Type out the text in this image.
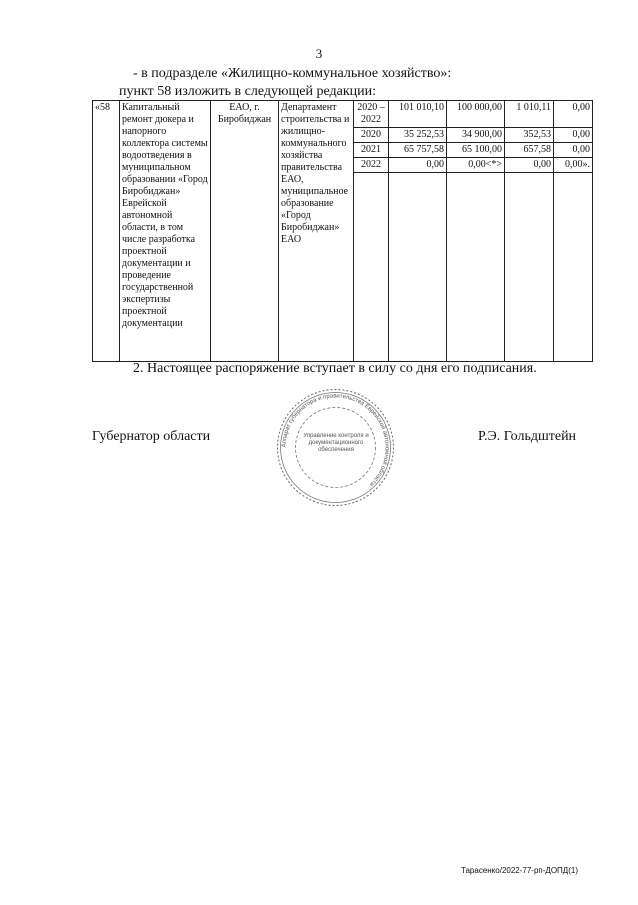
3
- в подразделе «Жилищно-коммунальное хозяйство»:
пункт 58 изложить в следующей редакции:
«58	Капитальный ремонт дюкера и напорного коллектора системы водоотведения в муниципальном образовании «Город Биробиджан» Еврейской автономной области, в том числе разработка проектной документации и проведение государственной экспертизы проектной документации	ЕАО, г. Биробиджан	Департамент строительства и жилищно-коммунального хозяйства правительства ЕАО, муниципальное образование «Город Биробиджан» ЕАО	2020 – 2022	101 010,10	100 000,00	1 010,11	0,00
				2020	35 252,53	34 900,00	352,53	0,00
				2021	65 757,58	65 100,00	657,58	0,00
				2022	0,00	0,00<*>	0,00	0,00».

2. Настоящее распоряжение вступает в силу со дня его подписания.
Губернатор области	Р.Э. Гольдштейн
Аппарат губернатора и правительства Еврейской автономной области
Управление контроля и документационного обеспечения
Тарасенко/2022-77-рп-ДОПД(1)
